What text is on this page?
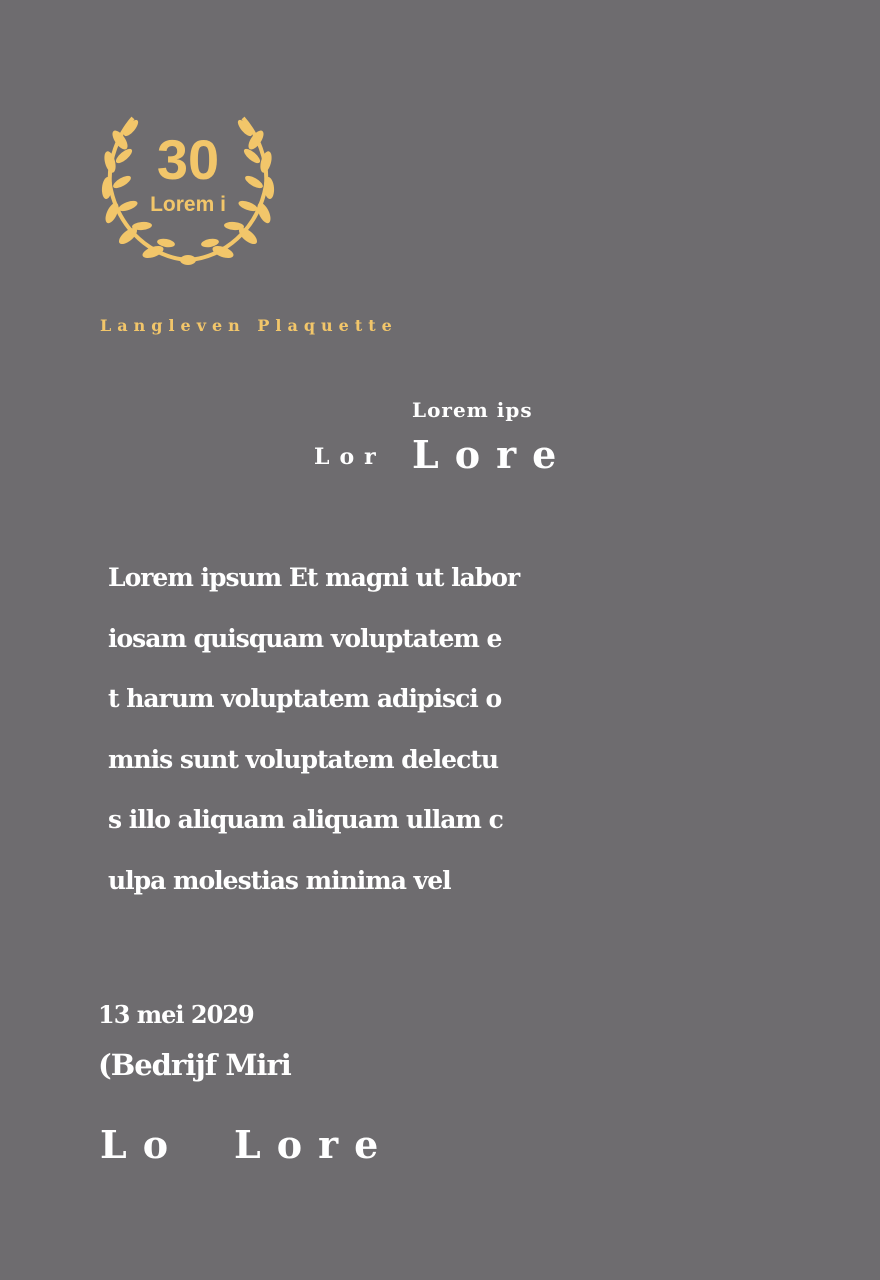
30
Lorem i
Langleven Plaquette
Lorem ips
Lor Lore
Lorem ipsum Et magni ut labor
iosam quisquam voluptatem e
t harum voluptatem adipisci o
mnis sunt voluptatem delectu
s illo aliquam aliquam ullam c
ulpa molestias minima vel
13 mei 2029
(Bedrijf Miri
Lo Lore
